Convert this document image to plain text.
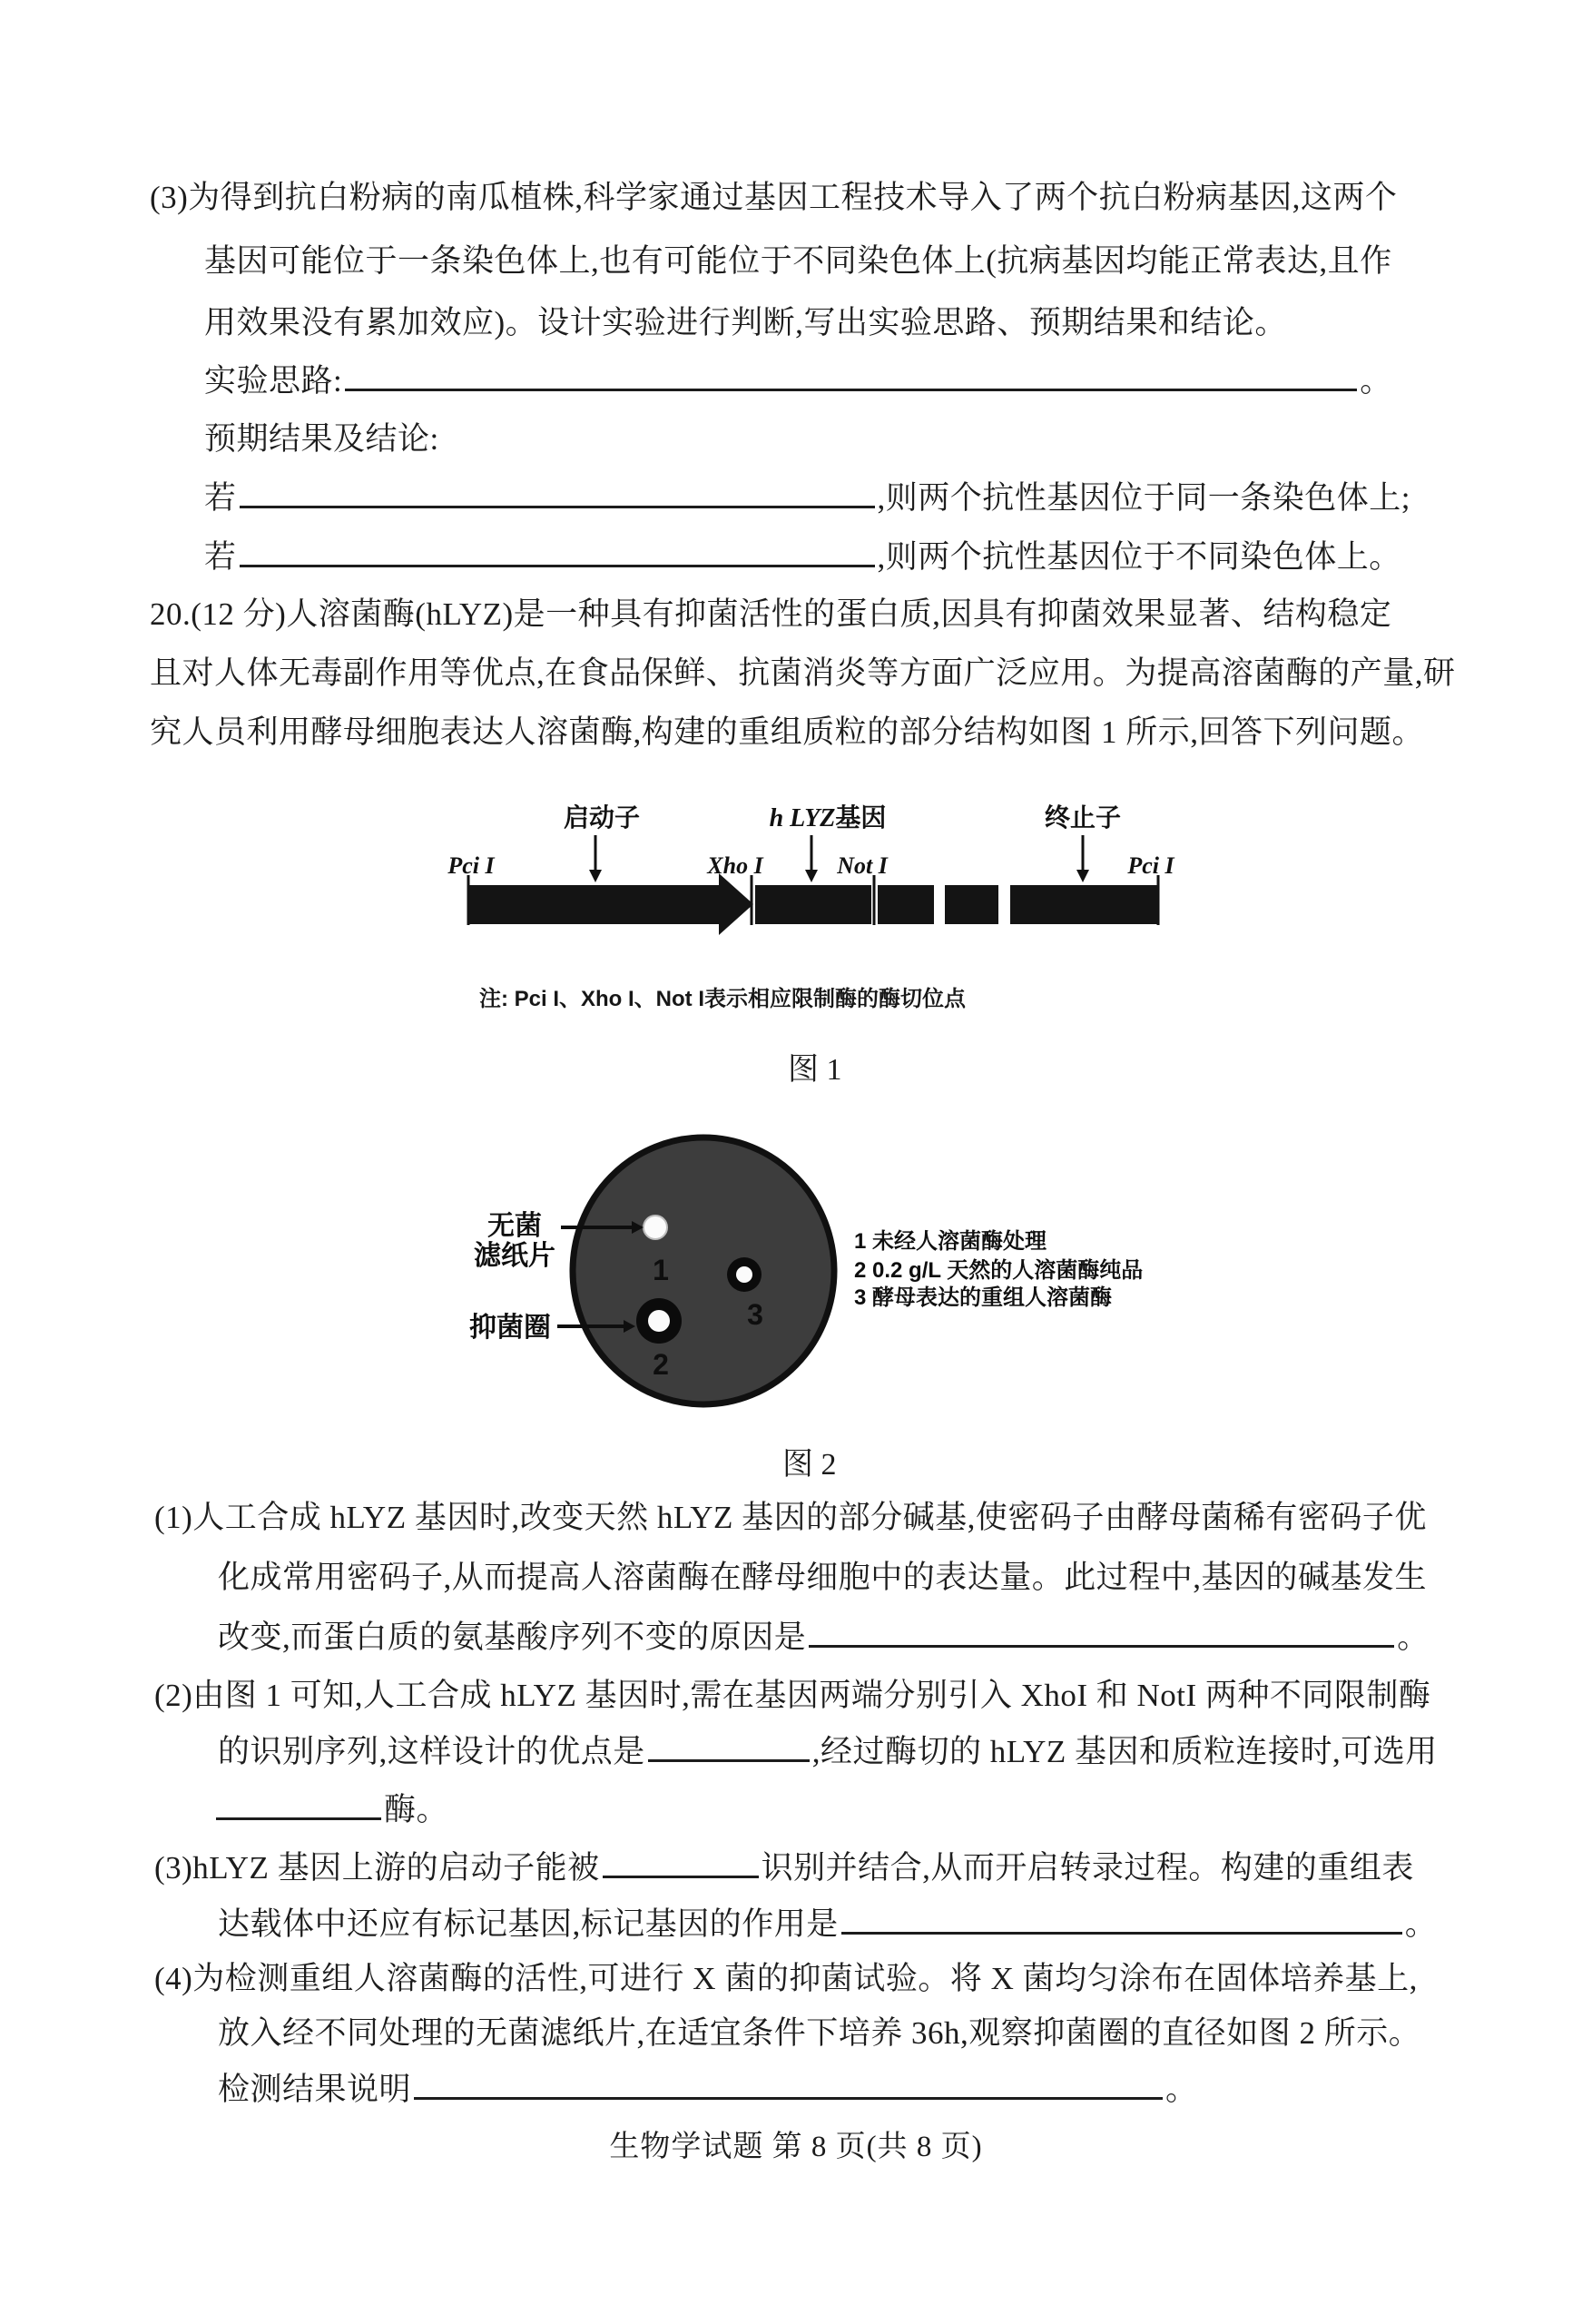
(3)为得到抗白粉病的南瓜植株,科学家通过基因工程技术导入了两个抗白粉病基因,这两个
基因可能位于一条染色体上,也有可能位于不同染色体上(抗病基因均能正常表达,且作
用效果没有累加效应)。设计实验进行判断,写出实验思路、预期结果和结论。
实验思路:	。
预期结果及结论:
若	,则两个抗性基因位于同一条染色体上;
若	,则两个抗性基因位于不同染色体上。
20.(12 分)人溶菌酶(hLYZ)是一种具有抑菌活性的蛋白质,因具有抑菌效果显著、结构稳定
且对人体无毒副作用等优点,在食品保鲜、抗菌消炎等方面广泛应用。为提高溶菌酶的产量,研
究人员利用酵母细胞表达人溶菌酶,构建的重组质粒的部分结构如图 1 所示,回答下列问题。
启动子	h LYZ基因	终止子
Pci I	Xho I	Not I	Pci I
注: Pci I、Xho I、Not I表示相应限制酶的酶切位点
图 1
1
3
2
无菌
滤纸片
抑菌圈
1 未经人溶菌酶处理
2 0.2 g/L 天然的人溶菌酶纯品
3 酵母表达的重组人溶菌酶
图 2
(1)人工合成 hLYZ 基因时,改变天然 hLYZ 基因的部分碱基,使密码子由酵母菌稀有密码子优
化成常用密码子,从而提高人溶菌酶在酵母细胞中的表达量。此过程中,基因的碱基发生
改变,而蛋白质的氨基酸序列不变的原因是	。
(2)由图 1 可知,人工合成 hLYZ 基因时,需在基因两端分别引入 XhoI 和 NotI 两种不同限制酶
的识别序列,这样设计的优点是	,经过酶切的 hLYZ 基因和质粒连接时,可选用
酶。
(3)hLYZ 基因上游的启动子能被	识别并结合,从而开启转录过程。构建的重组表
达载体中还应有标记基因,标记基因的作用是	。
(4)为检测重组人溶菌酶的活性,可进行 X 菌的抑菌试验。将 X 菌均匀涂布在固体培养基上,
放入经不同处理的无菌滤纸片,在适宜条件下培养 36h,观察抑菌圈的直径如图 2 所示。
检测结果说明	。
生物学试题 第 8 页(共 8 页)
